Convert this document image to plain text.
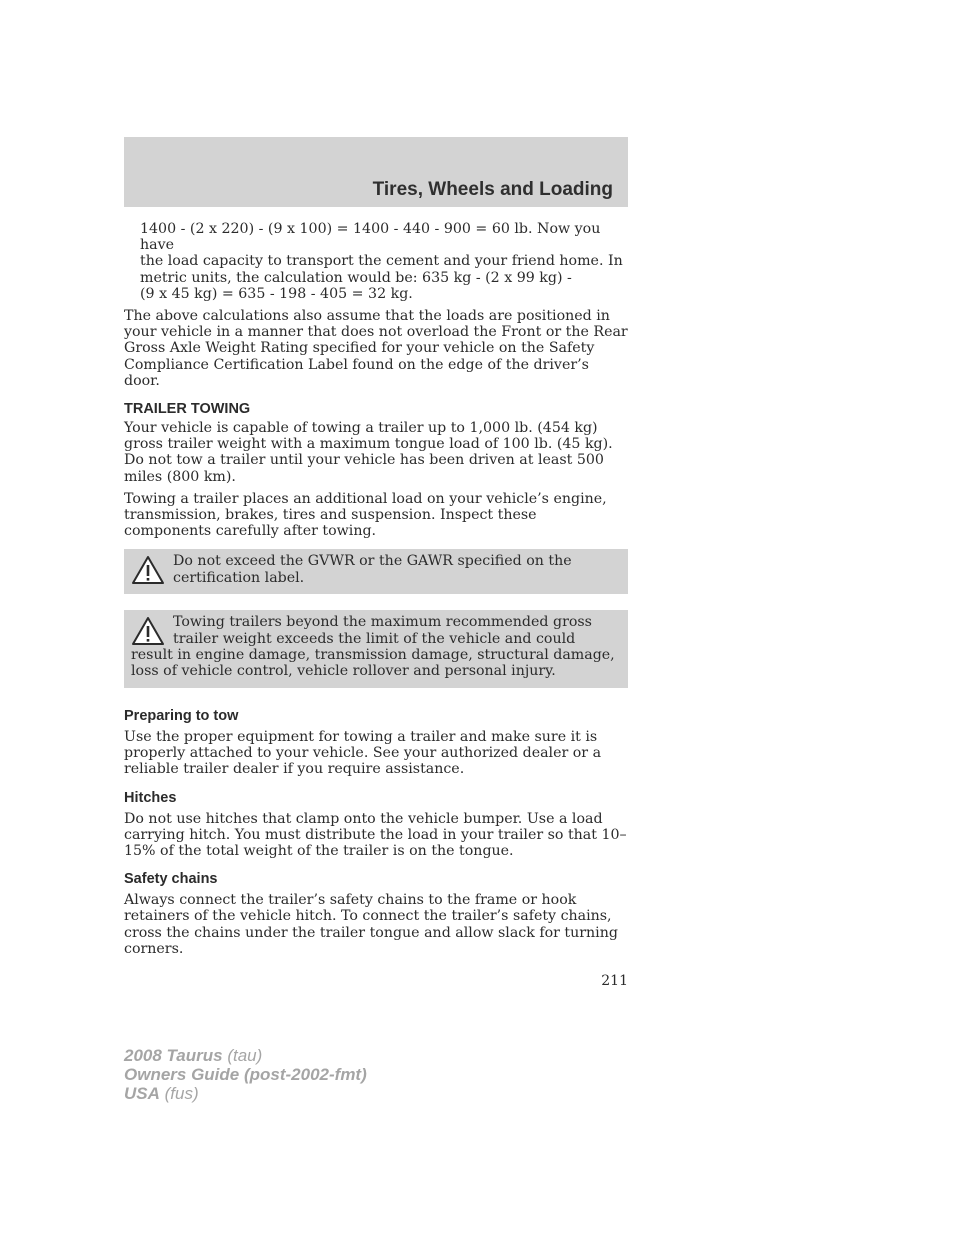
Tires, Wheels and Loading

1400 - (2 x 220) - (9 x 100) = 1400 - 440 - 900 = 60 lb. Now you have
the load capacity to transport the cement and your friend home. In
metric units, the calculation would be: 635 kg - (2 x 99 kg) -
(9 x 45 kg) = 635 - 198 - 405 = 32 kg.

The above calculations also assume that the loads are positioned in your vehicle in a manner that does not overload the Front or the Rear Gross Axle Weight Rating specified for your vehicle on the Safety Compliance Certification Label found on the edge of the driver’s door.

TRAILER TOWING

Your vehicle is capable of towing a trailer up to 1,000 lb. (454 kg) gross trailer weight with a maximum tongue load of 100 lb. (45 kg). Do not tow a trailer until your vehicle has been driven at least 500 miles (800 km).

Towing a trailer places an additional load on your vehicle’s engine, transmission, brakes, tires and suspension. Inspect these components carefully after towing.

Do not exceed the GVWR or the GAWR specified on the certification label.

Towing trailers beyond the maximum recommended gross trailer weight exceeds the limit of the vehicle and could result in engine damage, transmission damage, structural damage, loss of vehicle control, vehicle rollover and personal injury.

Preparing to tow

Use the proper equipment for towing a trailer and make sure it is properly attached to your vehicle. See your authorized dealer or a reliable trailer dealer if you require assistance.

Hitches

Do not use hitches that clamp onto the vehicle bumper. Use a load carrying hitch. You must distribute the load in your trailer so that 10–15% of the total weight of the trailer is on the tongue.

Safety chains

Always connect the trailer’s safety chains to the frame or hook retainers of the vehicle hitch. To connect the trailer’s safety chains, cross the chains under the trailer tongue and allow slack for turning corners.

211

2008 Taurus (tau)
Owners Guide (post-2002-fmt)
USA (fus)
